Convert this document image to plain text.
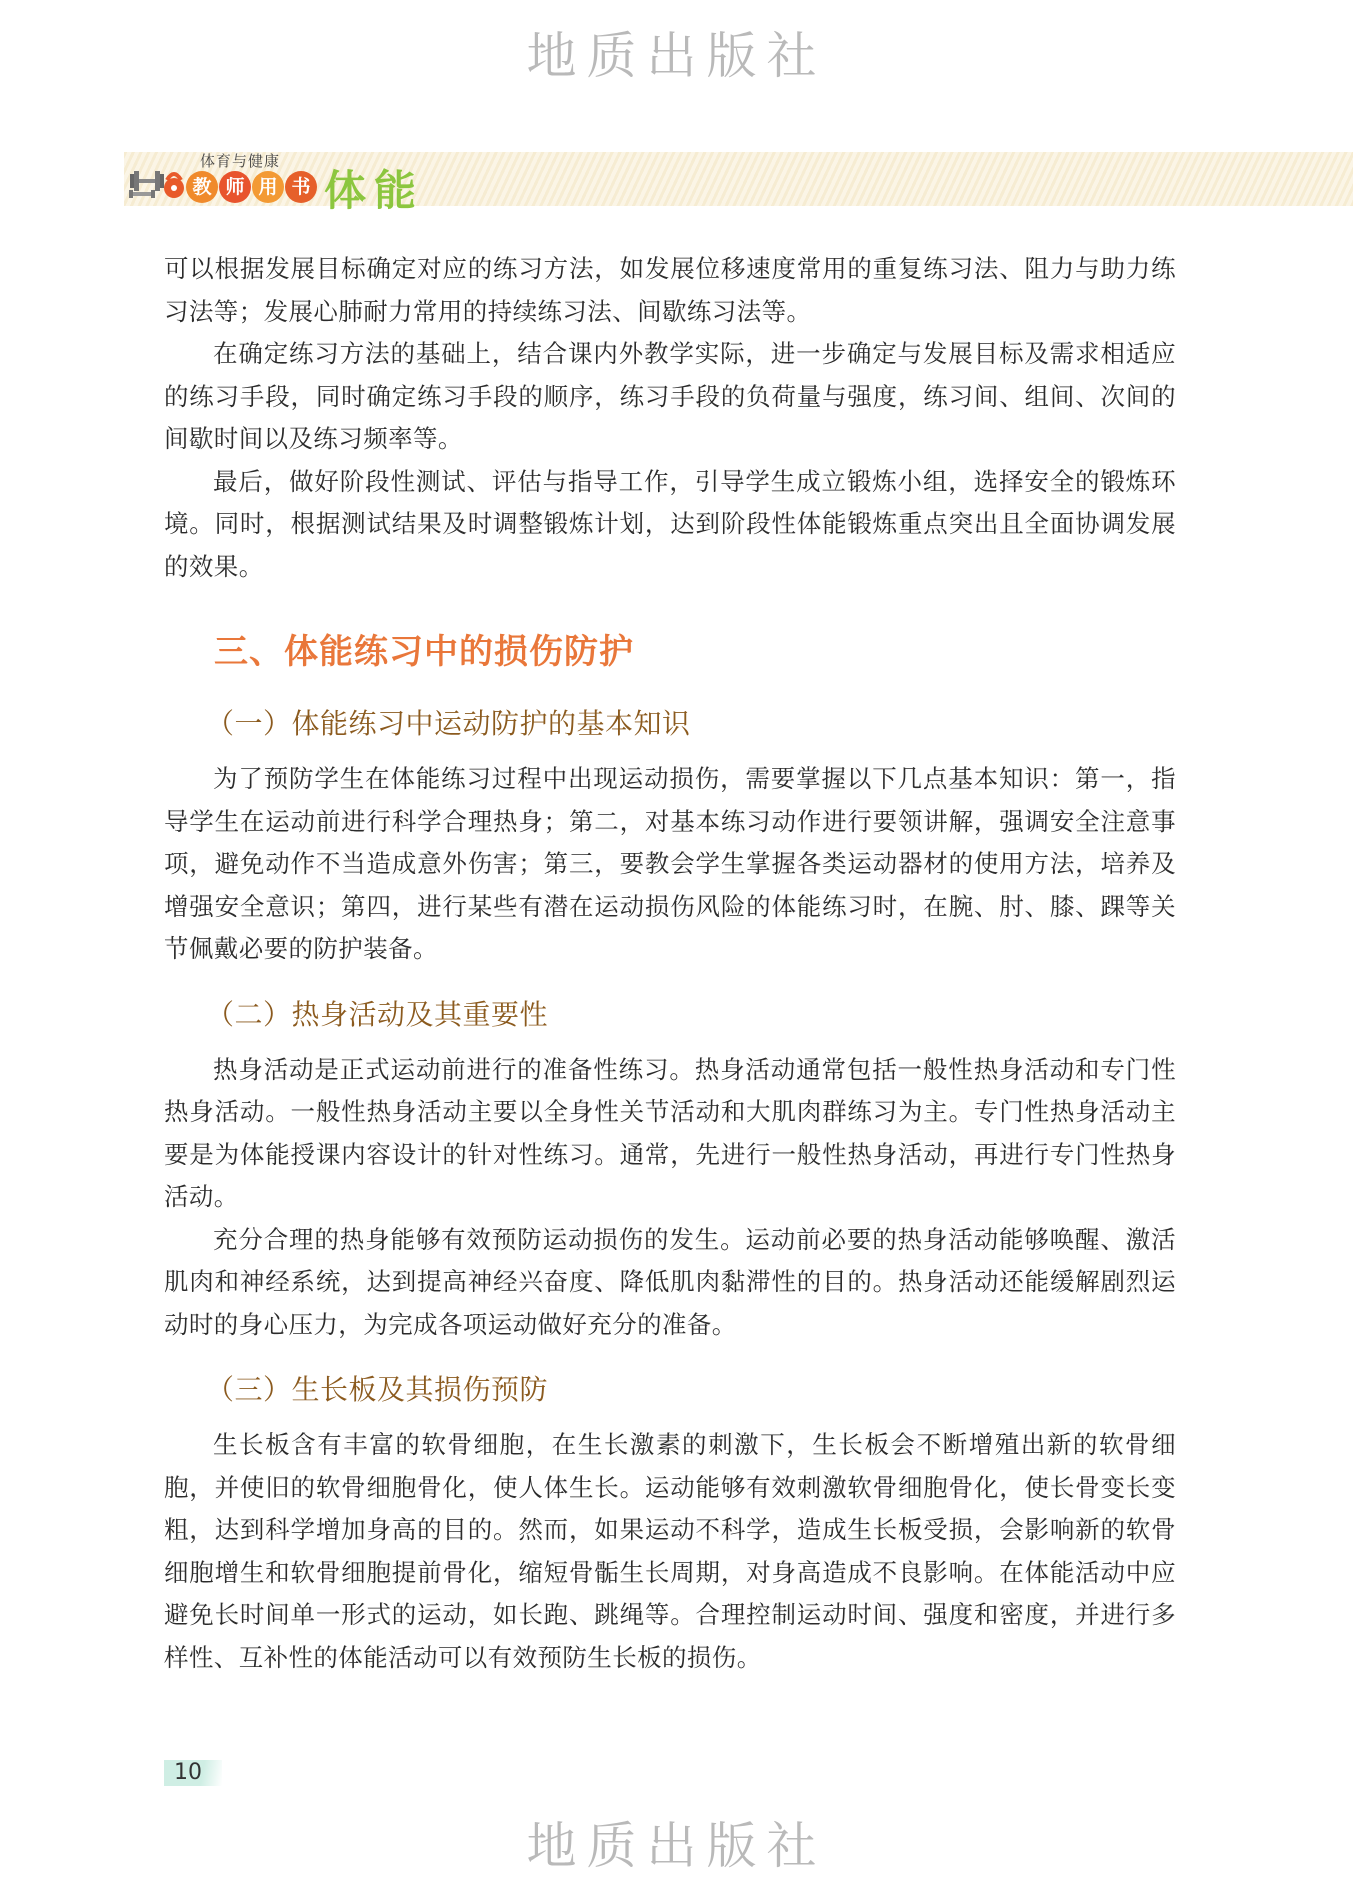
地质出版社
体育与健康
教 师 用 书 体能

可以根据发展目标确定对应的练习方法，如发展位移速度常用的重复练习法、阻力与助力练习法等；发展心肺耐力常用的持续练习法、间歇练习法等。

在确定练习方法的基础上，结合课内外教学实际，进一步确定与发展目标及需求相适应的练习手段，同时确定练习手段的顺序，练习手段的负荷量与强度，练习间、组间、次间的间歇时间以及练习频率等。

最后，做好阶段性测试、评估与指导工作，引导学生成立锻炼小组，选择安全的锻炼环境。同时，根据测试结果及时调整锻炼计划，达到阶段性体能锻炼重点突出且全面协调发展的效果。

三、体能练习中的损伤防护
（一）体能练习中运动防护的基本知识

为了预防学生在体能练习过程中出现运动损伤，需要掌握以下几点基本知识：第一，指导学生在运动前进行科学合理热身；第二，对基本练习动作进行要领讲解，强调安全注意事项，避免动作不当造成意外伤害；第三，要教会学生掌握各类运动器材的使用方法，培养及增强安全意识；第四，进行某些有潜在运动损伤风险的体能练习时，在腕、肘、膝、踝等关节佩戴必要的防护装备。

（二）热身活动及其重要性

热身活动是正式运动前进行的准备性练习。热身活动通常包括一般性热身活动和专门性热身活动。一般性热身活动主要以全身性关节活动和大肌肉群练习为主。专门性热身活动主要是为体能授课内容设计的针对性练习。通常，先进行一般性热身活动，再进行专门性热身活动。

充分合理的热身能够有效预防运动损伤的发生。运动前必要的热身活动能够唤醒、激活肌肉和神经系统，达到提高神经兴奋度、降低肌肉黏滞性的目的。热身活动还能缓解剧烈运动时的身心压力，为完成各项运动做好充分的准备。

（三）生长板及其损伤预防

生长板含有丰富的软骨细胞，在生长激素的刺激下，生长板会不断增殖出新的软骨细胞，并使旧的软骨细胞骨化，使人体生长。运动能够有效刺激软骨细胞骨化，使长骨变长变粗，达到科学增加身高的目的。然而，如果运动不科学，造成生长板受损，会影响新的软骨细胞增生和软骨细胞提前骨化，缩短骨骺生长周期，对身高造成不良影响。在体能活动中应避免长时间单一形式的运动，如长跑、跳绳等。合理控制运动时间、强度和密度，并进行多样性、互补性的体能活动可以有效预防生长板的损伤。

10
地质出版社
